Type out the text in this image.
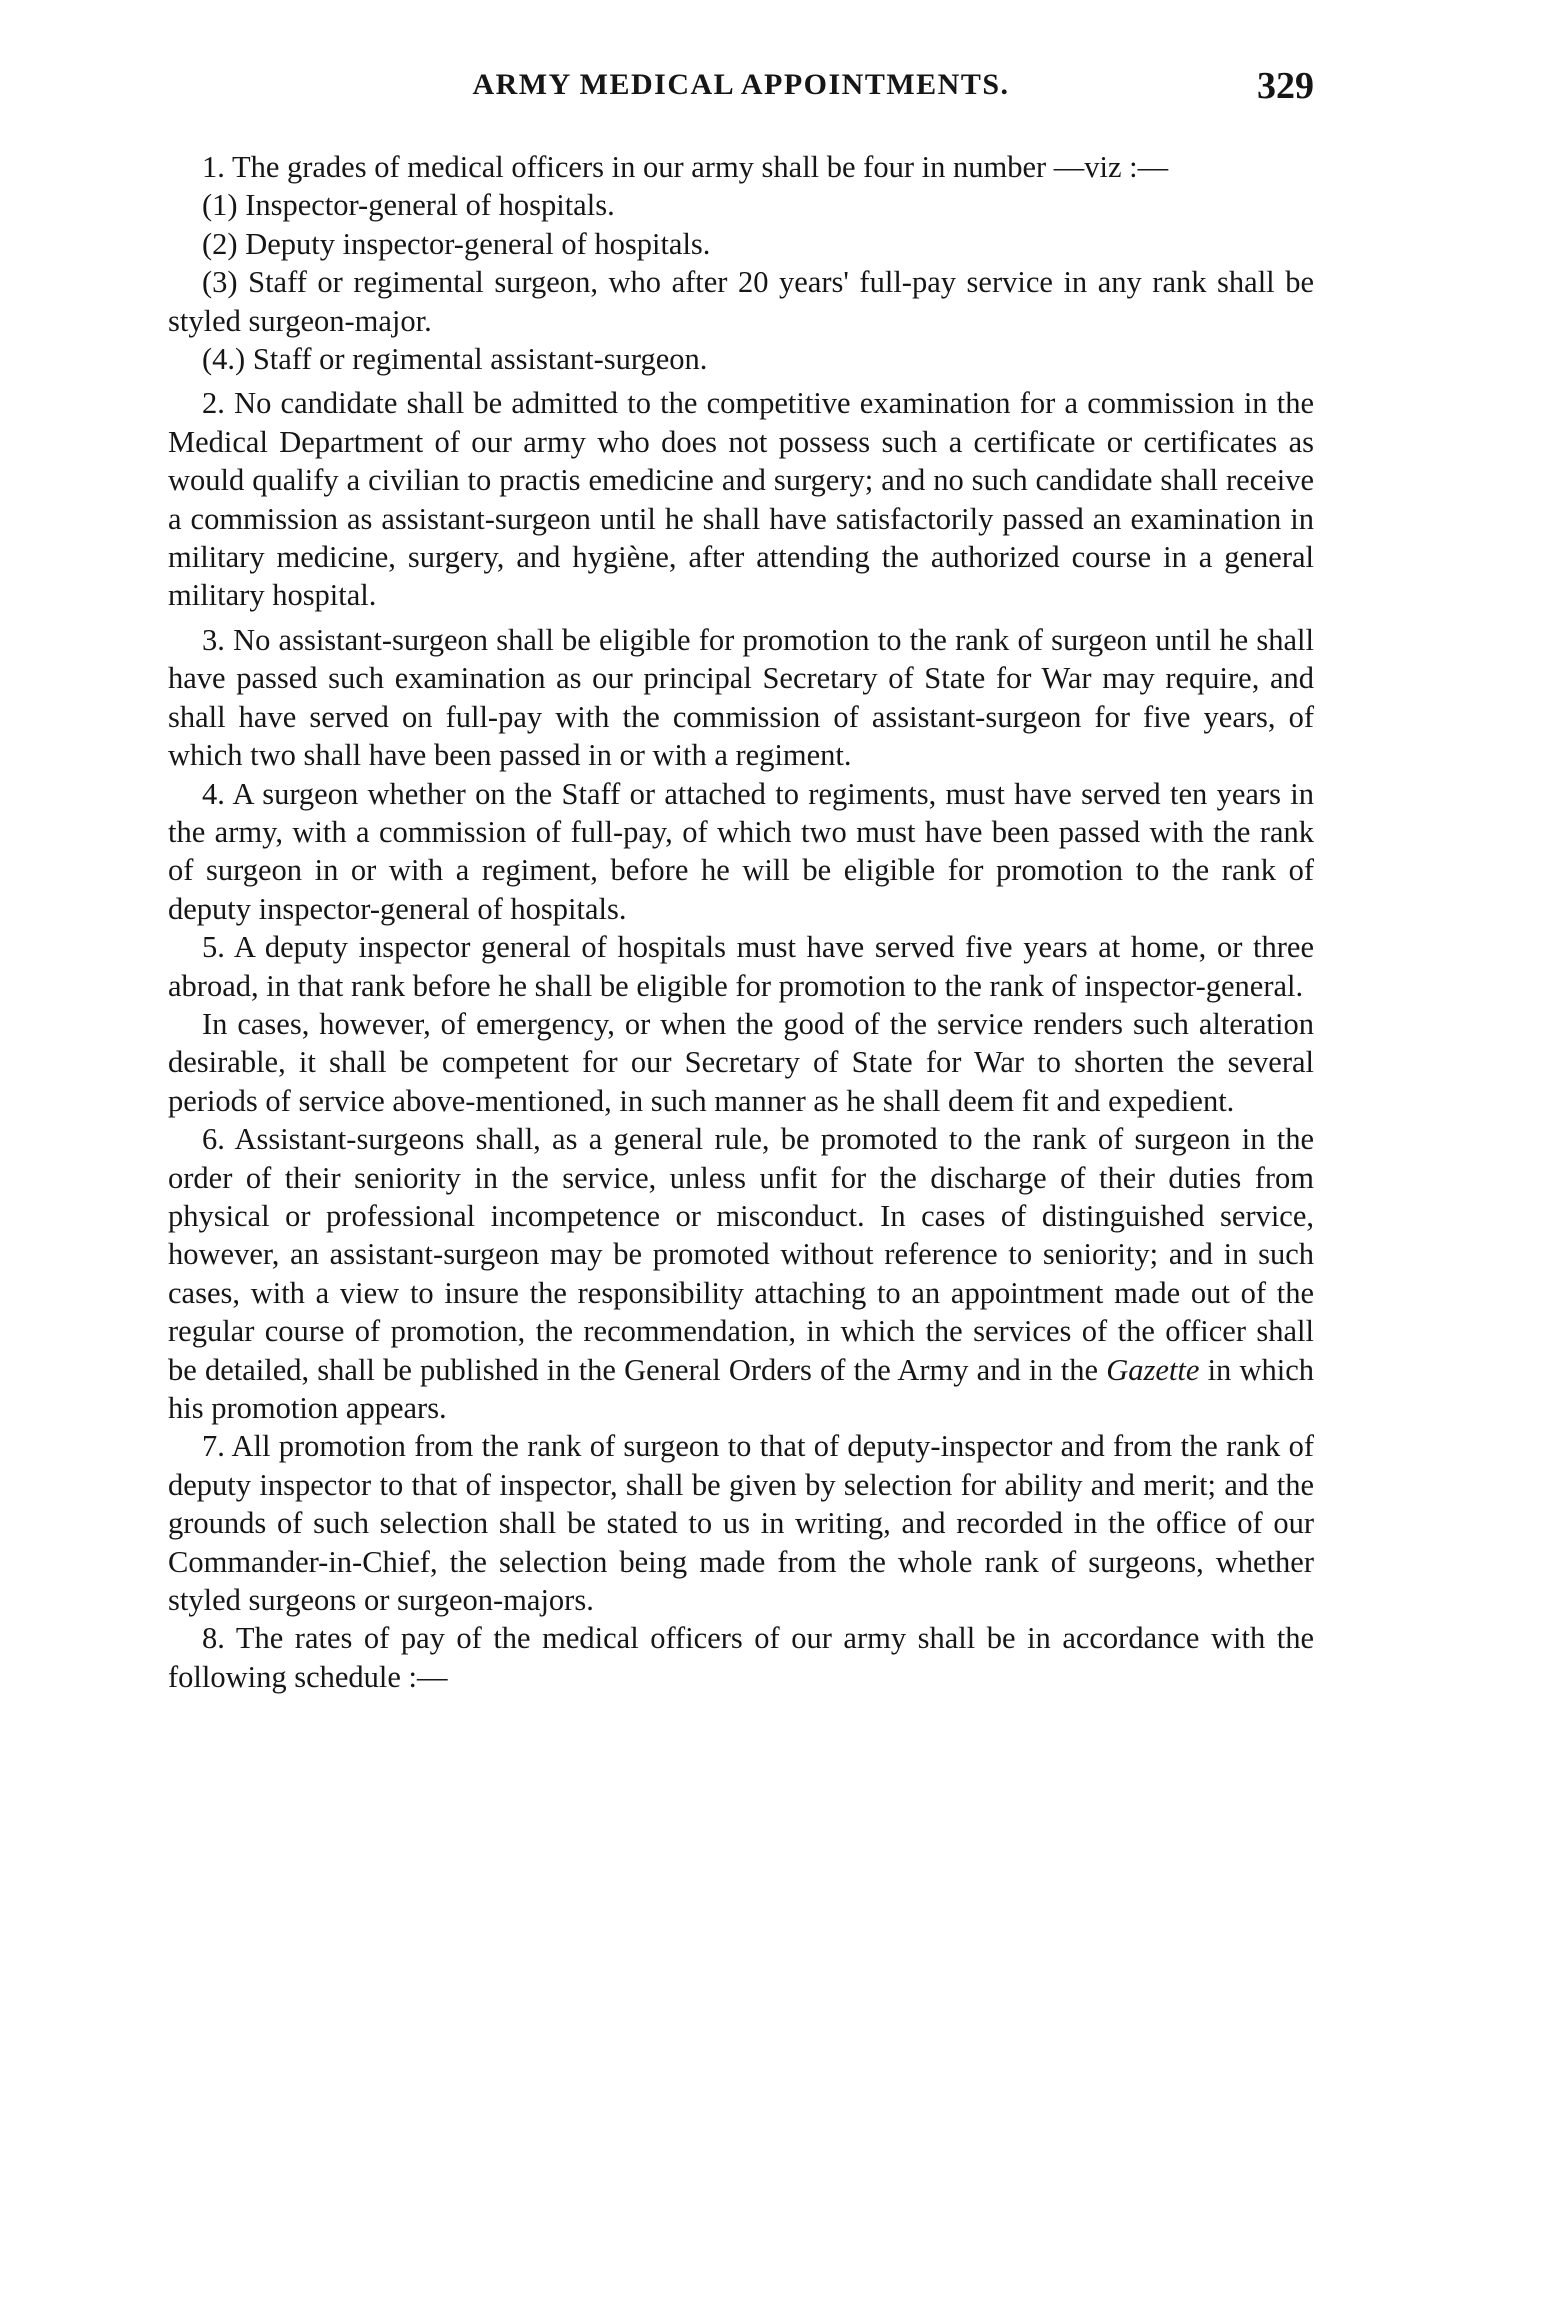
ARMY MEDICAL APPOINTMENTS.	329

1. The grades of medical officers in our army shall be four in number —viz :—

(1) Inspector-general of hospitals.

(2) Deputy inspector-general of hospitals.

(3) Staff or regimental surgeon, who after 20 years' full-pay service in any rank shall be styled surgeon-major.

(4.) Staff or regimental assistant-surgeon.

2. No candidate shall be admitted to the competitive examination for a commission in the Medical Department of our army who does not possess such a certificate or certificates as would qualify a civilian to practis emedicine and surgery; and no such candidate shall receive a commission as assistant-surgeon until he shall have satisfactorily passed an examination in military medicine, surgery, and hygiène, after attending the authorized course in a general military hospital.

3. No assistant-surgeon shall be eligible for promotion to the rank of surgeon until he shall have passed such examination as our principal Secretary of State for War may require, and shall have served on full-pay with the commission of assistant-surgeon for five years, of which two shall have been passed in or with a regiment.

4. A surgeon whether on the Staff or attached to regiments, must have served ten years in the army, with a commission of full-pay, of which two must have been passed with the rank of surgeon in or with a regiment, before he will be eligible for promotion to the rank of deputy inspector-general of hospitals.

5. A deputy inspector general of hospitals must have served five years at home, or three abroad, in that rank before he shall be eligible for promotion to the rank of inspector-general.

In cases, however, of emergency, or when the good of the service renders such alteration desirable, it shall be competent for our Secretary of State for War to shorten the several periods of service above-mentioned, in such manner as he shall deem fit and expedient.

6. Assistant-surgeons shall, as a general rule, be promoted to the rank of surgeon in the order of their seniority in the service, unless unfit for the discharge of their duties from physical or professional incompetence or misconduct. In cases of distinguished service, however, an assistant-surgeon may be promoted without reference to seniority; and in such cases, with a view to insure the responsibility attaching to an appointment made out of the regular course of promotion, the recommendation, in which the services of the officer shall be detailed, shall be published in the General Orders of the Army and in the Gazette in which his promotion appears.

7. All promotion from the rank of surgeon to that of deputy-inspector and from the rank of deputy inspector to that of inspector, shall be given by selection for ability and merit; and the grounds of such selection shall be stated to us in writing, and recorded in the office of our Commander-in-Chief, the selection being made from the whole rank of surgeons, whether styled surgeons or surgeon-majors.

8. The rates of pay of the medical officers of our army shall be in accordance with the following schedule :—
